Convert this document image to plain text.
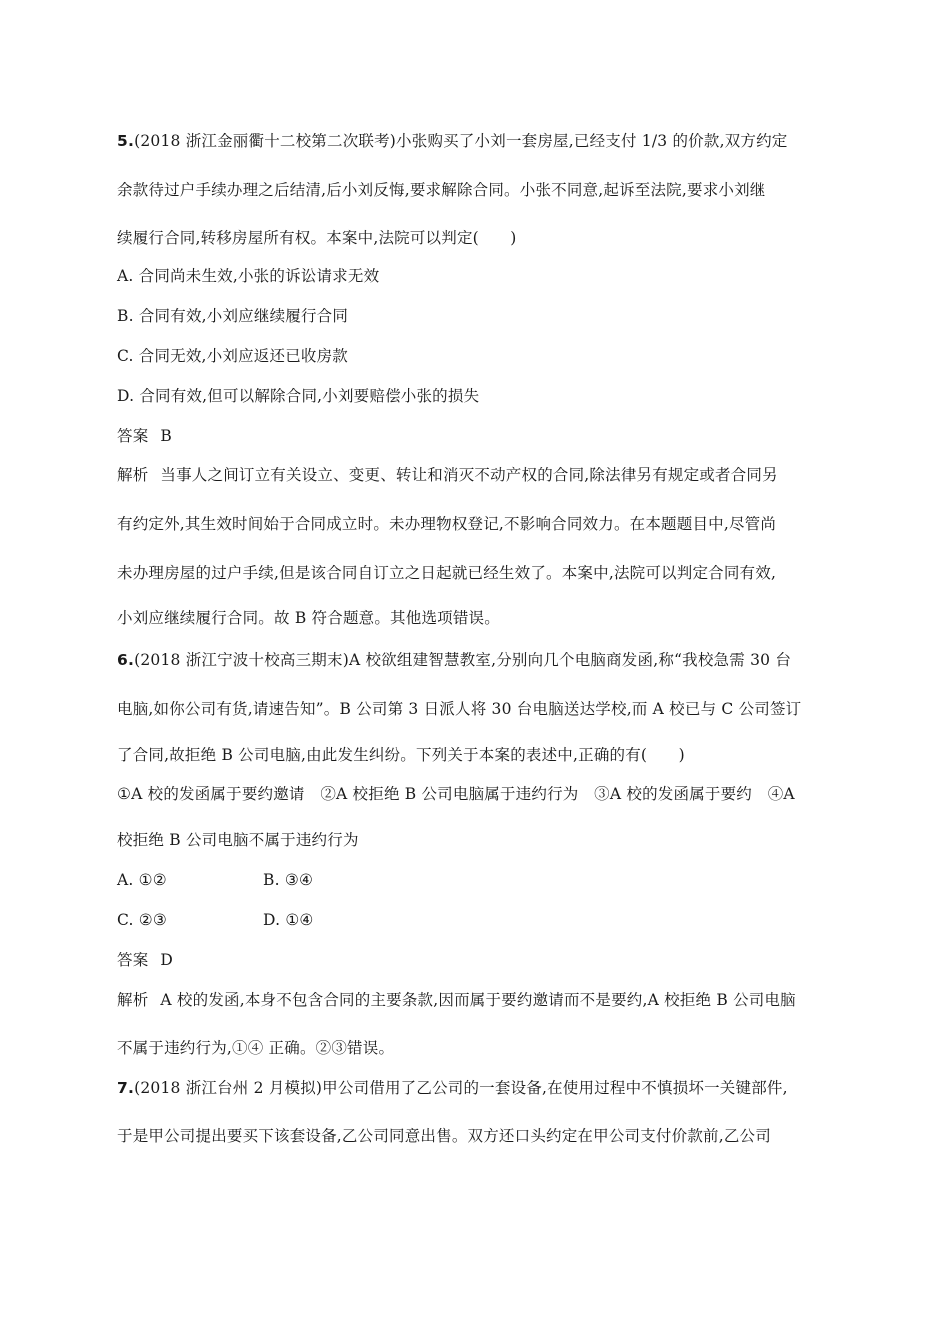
5.(2018 浙江金丽衢十二校第二次联考)小张购买了小刘一套房屋,已经支付 1/3 的价款,双方约定
余款待过户手续办理之后结清,后小刘反悔,要求解除合同。小张不同意,起诉至法院,要求小刘继
续履行合同,转移房屋所有权。本案中,法院可以判定(　　)
A. 合同尚未生效,小张的诉讼请求无效
B. 合同有效,小刘应继续履行合同
C. 合同无效,小刘应返还已收房款
D. 合同有效,但可以解除合同,小刘要赔偿小张的损失
答案 B
解析 当事人之间订立有关设立、变更、转让和消灭不动产权的合同,除法律另有规定或者合同另
有约定外,其生效时间始于合同成立时。未办理物权登记,不影响合同效力。在本题题目中,尽管尚
未办理房屋的过户手续,但是该合同自订立之日起就已经生效了。本案中,法院可以判定合同有效,
小刘应继续履行合同。故 B 符合题意。其他选项错误。
6.(2018 浙江宁波十校高三期末)A 校欲组建智慧教室,分别向几个电脑商发函,称“我校急需 30 台
电脑,如你公司有货,请速告知”。B 公司第 3 日派人将 30 台电脑送达学校,而 A 校已与 C 公司签订
了合同,故拒绝 B 公司电脑,由此发生纠纷。下列关于本案的表述中,正确的有(　　)
①A 校的发函属于要约邀请　②A 校拒绝 B 公司电脑属于违约行为　③A 校的发函属于要约　④A
校拒绝 B 公司电脑不属于违约行为
A. ①②	B. ③④
C. ②③	D. ①④
答案 D
解析 A 校的发函,本身不包含合同的主要条款,因而属于要约邀请而不是要约,A 校拒绝 B 公司电脑
不属于违约行为,①④ 正确。②③错误。
7.(2018 浙江台州 2 月模拟)甲公司借用了乙公司的一套设备,在使用过程中不慎损坏一关键部件,
于是甲公司提出要买下该套设备,乙公司同意出售。双方还口头约定在甲公司支付价款前,乙公司
